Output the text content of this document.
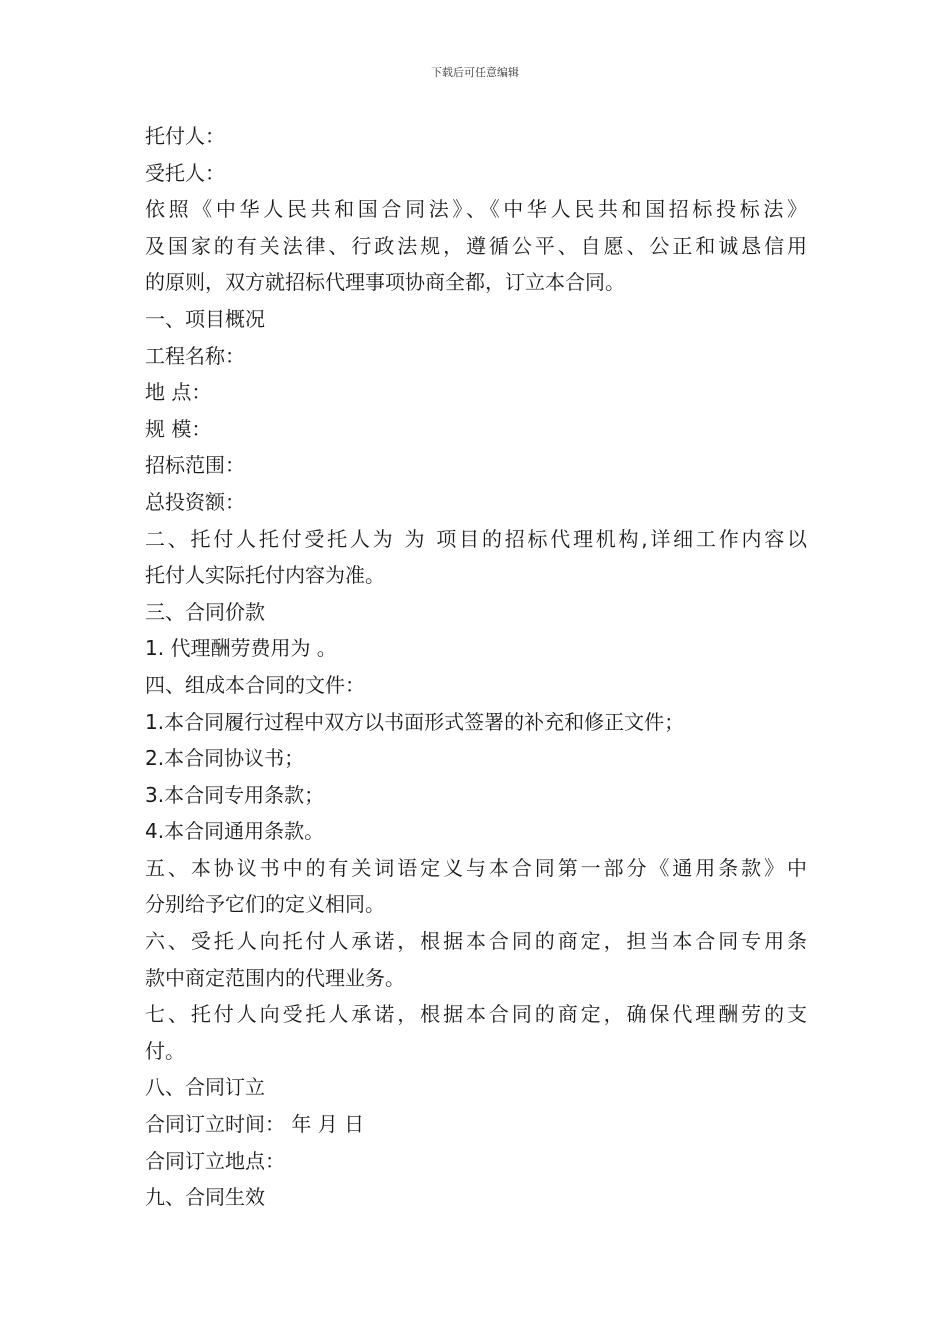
下载后可任意编辑
托付人：
受托人：
依照《中华人民共和国合同法》、《中华人民共和国招标投标法》
及国家的有关法律、行政法规，遵循公平、自愿、公正和诚恳信用
的原则，双方就招标代理事项协商全都，订立本合同。
一、项目概况
工程名称：
地 点：
规 模：
招标范围：
总投资额：
二、托付人托付受托人为 为 项目的招标代理机构,详细工作内容以
托付人实际托付内容为准。
三、合同价款
1. 代理酬劳费用为 。
四、组成本合同的文件：
1.本合同履行过程中双方以书面形式签署的补充和修正文件；
2.本合同协议书；
3.本合同专用条款；
4.本合同通用条款。
五、本协议书中的有关词语定义与本合同第一部分《通用条款》中
分别给予它们的定义相同。
六、受托人向托付人承诺，根据本合同的商定，担当本合同专用条
款中商定范围内的代理业务。
七、托付人向受托人承诺，根据本合同的商定，确保代理酬劳的支
付。
八、合同订立
合同订立时间： 年 月 日
合同订立地点：
九、合同生效
